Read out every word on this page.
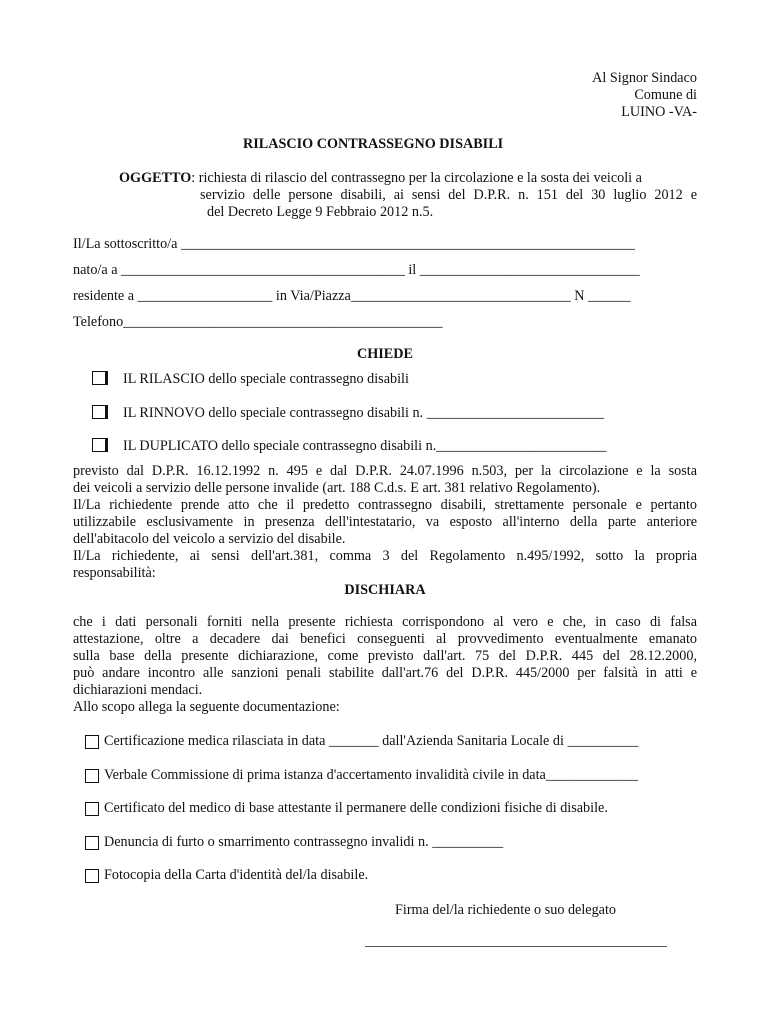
Al Signor Sindaco
Comune di
LUINO -VA-
RILASCIO CONTRASSEGNO DISABILI
OGGETTO: richiesta di rilascio del contrassegno per la circolazione e la sosta dei veicoli a
servizio delle persone disabili, ai sensi del D.P.R. n. 151 del 30 luglio 2012 e
del Decreto Legge 9 Febbraio 2012 n.5.
Il/La sottoscritto/a ________________________________________________________________
nato/a a ________________________________________ il _______________________________
residente a ___________________ in Via/Piazza_______________________________ N ______
Telefono_____________________________________________
CHIEDE
IL RILASCIO dello speciale contrassegno disabili
IL RINNOVO dello speciale contrassegno disabili n. _________________________
IL DUPLICATO dello speciale contrassegno disabili n.________________________
previsto dal D.P.R. 16.12.1992 n. 495 e dal D.P.R. 24.07.1996 n.503, per la circolazione e la sosta
dei veicoli a servizio delle persone invalide (art. 188 C.d.s. E art. 381 relativo Regolamento).
Il/La richiedente prende atto che il predetto contrassegno disabili, strettamente personale e pertanto
utilizzabile esclusivamente in presenza dell'intestatario, va esposto all'interno della parte anteriore
dell'abitacolo del veicolo a servizio del disabile.
Il/La richiedente, ai sensi dell'art.381, comma 3 del Regolamento n.495/1992, sotto la propria
responsabilità:
DISCHIARA
che i dati personali forniti nella presente richiesta corrispondono al vero e che, in caso di falsa
attestazione, oltre a decadere dai benefici conseguenti al provvedimento eventualmente emanato
sulla base della presente dichiarazione, come previsto dall'art. 75 del D.P.R. 445 del 28.12.2000,
può andare incontro alle sanzioni penali stabilite dall'art.76 del D.P.R. 445/2000 per falsità in atti e
dichiarazioni mendaci.
Allo scopo allega la seguente documentazione:
Certificazione medica rilasciata in data _______ dall'Azienda Sanitaria Locale di __________
Verbale Commissione di prima istanza d'accertamento invalidità civile in data_____________
Certificato del medico di base attestante il permanere delle condizioni fisiche di disabile.
Denuncia di furto o smarrimento contrassegno invalidi n. __________
Fotocopia della Carta d'identità del/la disabile.
Firma del/la richiedente o suo delegato
